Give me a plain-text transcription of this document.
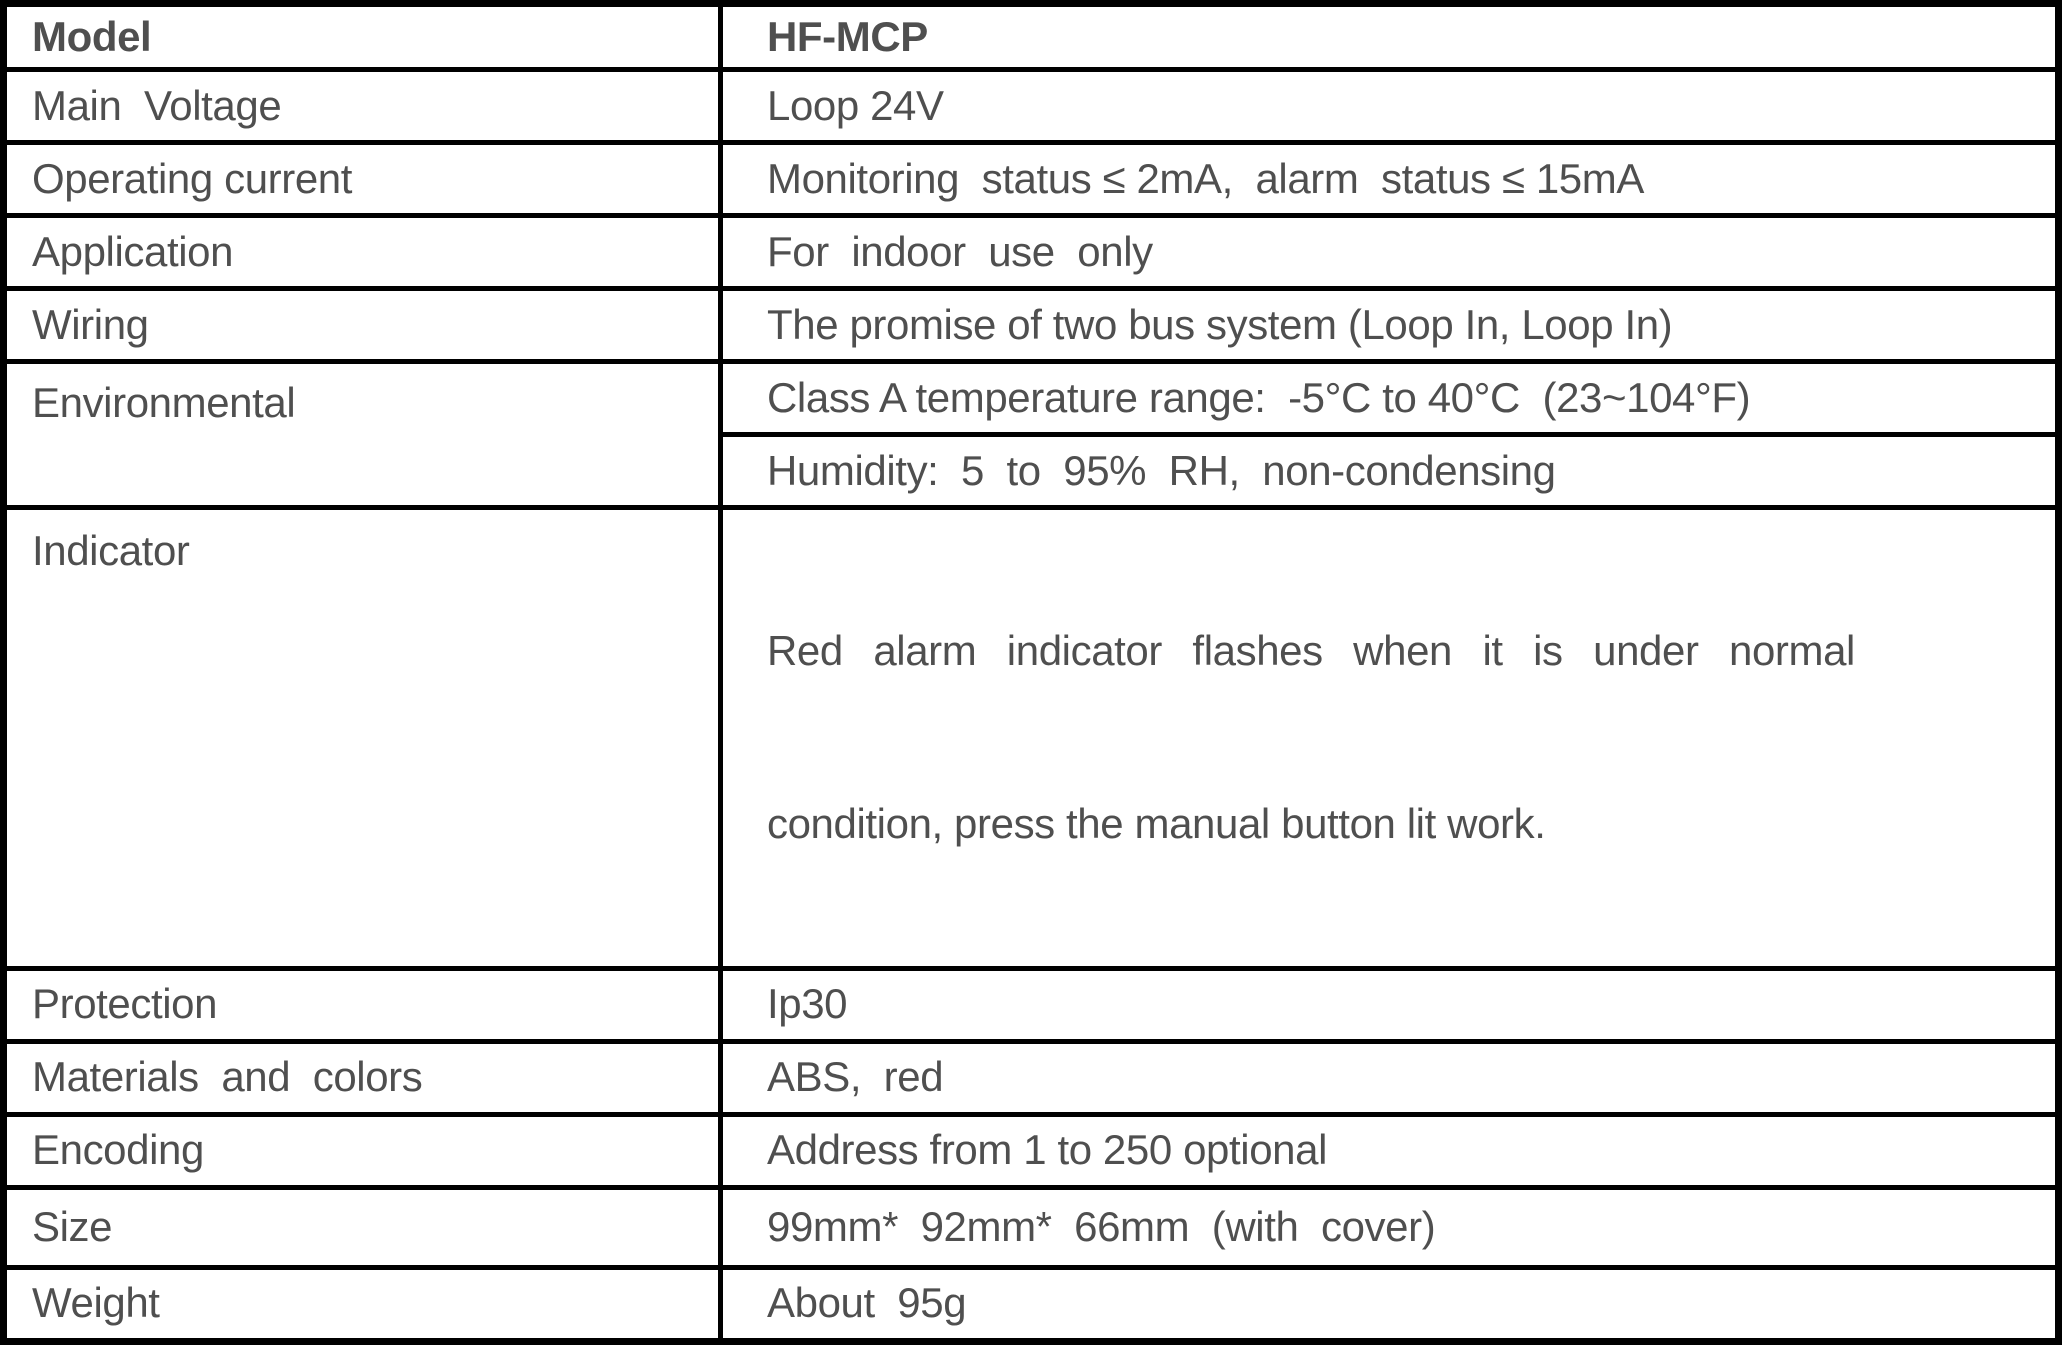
Model	HF-MCP
Main  Voltage	Loop 24V
Operating current	Monitoring  status ≤ 2mA,  alarm  status ≤ 15mA
Application	For  indoor  use  only
Wiring	The promise of two bus system (Loop In, Loop In)
Environmental	Class A temperature range:  -5°C to 40°C  (23~104°F)
	Humidity:  5  to  95%  RH,  non-condensing
Indicator	Red alarm indicator flashes when it is under normal

condition, press the manual button lit work.

Protection	Ip30
Materials  and  colors	ABS,  red
Encoding	Address from 1 to 250 optional
Size	99mm*  92mm*  66mm  (with  cover)
Weight	About  95g
